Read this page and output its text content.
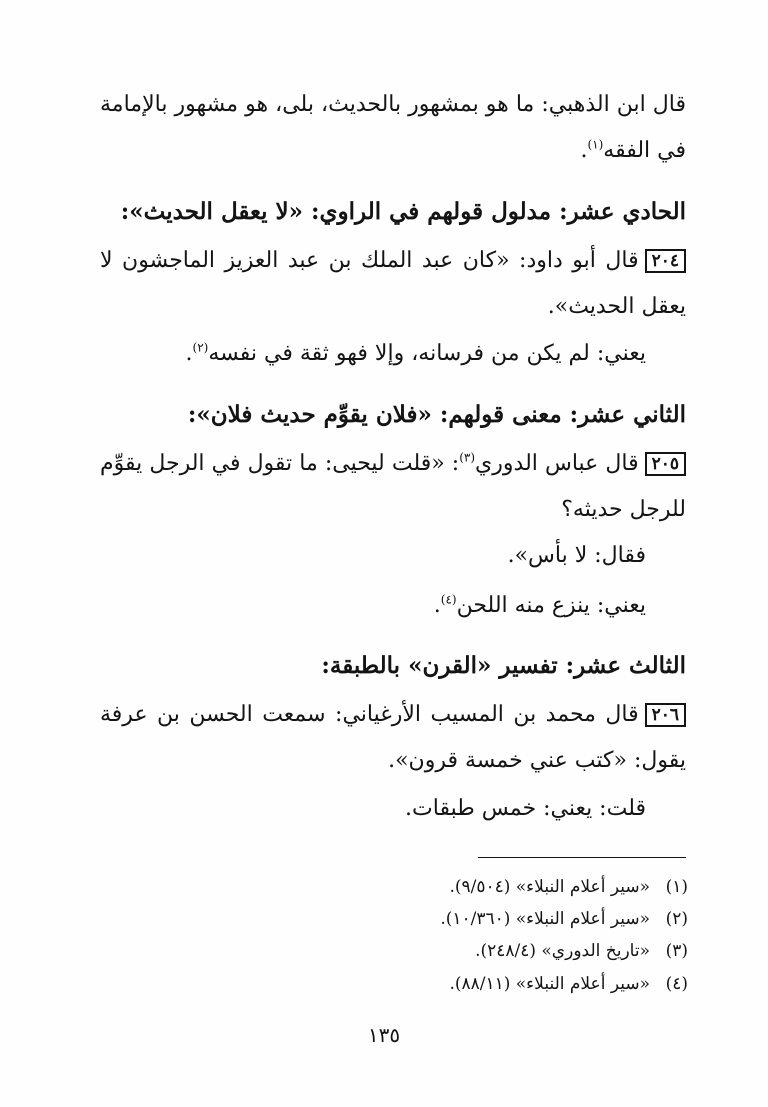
قال ابن الذهبي: ما هو بمشهور بالحديث، بلى، هو مشهور بالإمامة في الفقه$^{(١)}$.

الحادي عشر: مدلول قولهم في الراوي: «لا يعقل الحديث»:

٢٠٤قال أبو داود: «كان عبد الملك بن عبد العزيز الماجشون لا يعقل الحديث».

يعني: لم يكن من فرسانه، وإلا فهو ثقة في نفسه$^{(٢)}$.

الثاني عشر: معنى قولهم: «فلان يقوِّم حديث فلان»:

٢٠٥قال عباس الدوري$^{(٣)}$: «قلت ليحيى: ما تقول في الرجل يقوِّم للرجل حديثه؟

فقال: لا بأس».

يعني: ينزع منه اللحن$^{(٤)}$.

الثالث عشر: تفسير «القرن» بالطبقة:

٢٠٦قال محمد بن المسيب الأرغياني: سمعت الحسن بن عرفة يقول: «كتب عني خمسة قرون».

قلت: يعني: خمس طبقات.

(١)«سير أعلام النبلاء» (٩/٥٠٤).
(٢)«سير أعلام النبلاء» (١٠/٣٦٠).
(٣)«تاريخ الدوري» (٢٤٨/٤).
(٤)«سير أعلام النبلاء» (٨٨/١١).
١٣٥
